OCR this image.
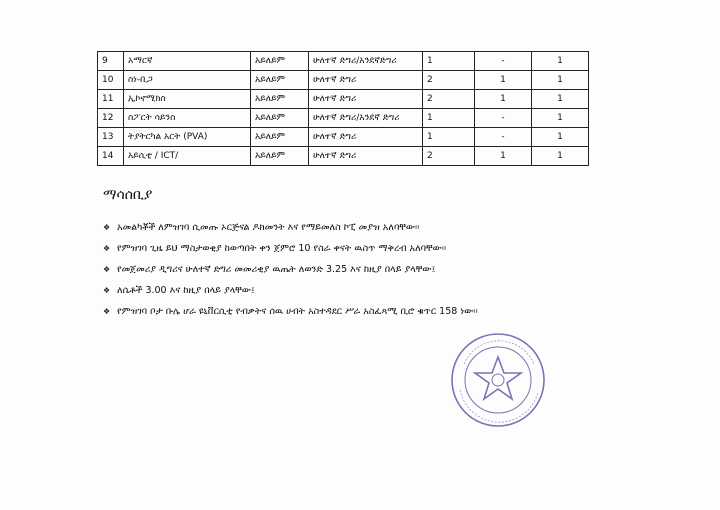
9	አማርኛ	አይለይም	ሁለተኛ ድግሪ/አንደኛድግሪ	1	-	1
10	ስነ-ቢጋ	አይለይም	ሁለተኛ ድግሪ	2	1	1
11	ኢኮኖሚክስ	አይለይም	ሁለተኛ ድግሪ	2	1	1
12	ስፖርት ሳይንስ	አይለይም	ሁለተኛ ድግሪ/አንደኛ ድግሪ	1	-	1
13	ትያትርካል አርት (PVA)	አይለይም	ሁለተኛ ድግሪ	1	-	1
14	አይሲቲ / ICT/	አይለይም	ሁለተኛ ድግሪ	2	1	1
ማሳሰቢያ
❖ አመልካቾች ለምዝገባ ሲመጡ ኦርጅናል ዶክመንት እና የማይመለስ ኮፒ መያዝ አለባቸው፡፡
❖ የምዝገባ ጊዜ ይህ ማስታወቂያ ከወጣበት ቀን ጀምሮ 10 የስራ ቀናት ዉስጥ ማቅረብ አለባቸው፡፡
❖ የመጀመሪያ ዲግሪና ሁለተኛ ድግሪ መመሪቂያ ዉጤት ለወንድ 3.25 እና ከዚያ በላይ ያላቸው፤
❖ ለሴቶች 3.00 እና ከዚያ በላይ ያላቸው፤
❖ የምዝገባ ቦታ ቡሌ ሆራ ዩኒቨርሲቲ የብቃትና ሰዉ ሀብት አስተዳደር ሥራ አስፈጻሚ ቢሮ ቁጥር 158 ነው፡፡
